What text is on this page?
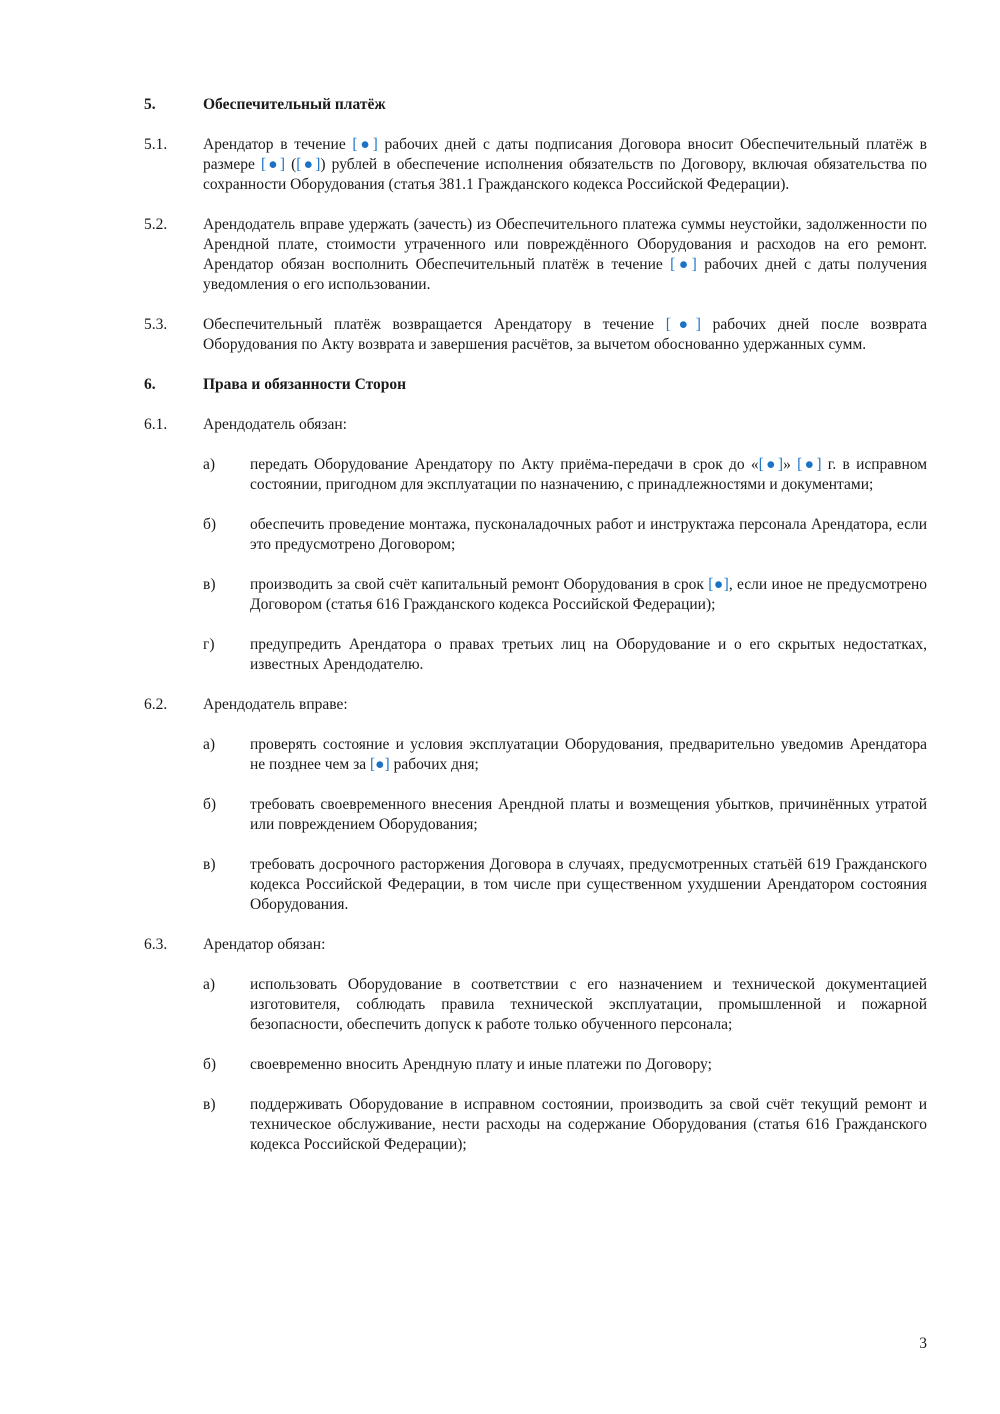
5.	Обеспечительный платёж
5.1. Арендатор в течение [●] рабочих дней с даты подписания Договора вносит Обеспечительный платёж в размере [●] ([●]) рублей в обеспечение исполнения обязательств по Договору, включая обязательства по сохранности Оборудования (статья 381.1 Гражданского кодекса Российской Федерации).
5.2. Арендодатель вправе удержать (зачесть) из Обеспечительного платежа суммы неустойки, задолженности по Арендной плате, стоимости утраченного или повреждённого Оборудования и расходов на его ремонт. Арендатор обязан восполнить Обеспечительный платёж в течение [●] рабочих дней с даты получения уведомления о его использовании.
5.3. Обеспечительный платёж возвращается Арендатору в течение [●] рабочих дней после возврата Оборудования по Акту возврата и завершения расчётов, за вычетом обоснованно удержанных сумм.
6.	Права и обязанности Сторон
6.1. Арендодатель обязан:
а) передать Оборудование Арендатору по Акту приёма-передачи в срок до «[●]» [●] г. в исправном состоянии, пригодном для эксплуатации по назначению, с принадлежностями и документами;
б) обеспечить проведение монтажа, пусконаладочных работ и инструктажа персонала Арендатора, если это предусмотрено Договором;
в) производить за свой счёт капитальный ремонт Оборудования в срок [●], если иное не предусмотрено Договором (статья 616 Гражданского кодекса Российской Федерации);
г) предупредить Арендатора о правах третьих лиц на Оборудование и о его скрытых недостатках, известных Арендодателю.
6.2. Арендодатель вправе:
а) проверять состояние и условия эксплуатации Оборудования, предварительно уведомив Арендатора не позднее чем за [●] рабочих дня;
б) требовать своевременного внесения Арендной платы и возмещения убытков, причинённых утратой или повреждением Оборудования;
в) требовать досрочного расторжения Договора в случаях, предусмотренных статьёй 619 Гражданского кодекса Российской Федерации, в том числе при существенном ухудшении Арендатором состояния Оборудования.
6.3. Арендатор обязан:
а) использовать Оборудование в соответствии с его назначением и технической документацией изготовителя, соблюдать правила технической эксплуатации, промышленной и пожарной безопасности, обеспечить допуск к работе только обученного персонала;
б) своевременно вносить Арендную плату и иные платежи по Договору;
в) поддерживать Оборудование в исправном состоянии, производить за свой счёт текущий ремонт и техническое обслуживание, нести расходы на содержание Оборудования (статья 616 Гражданского кодекса Российской Федерации);
3
